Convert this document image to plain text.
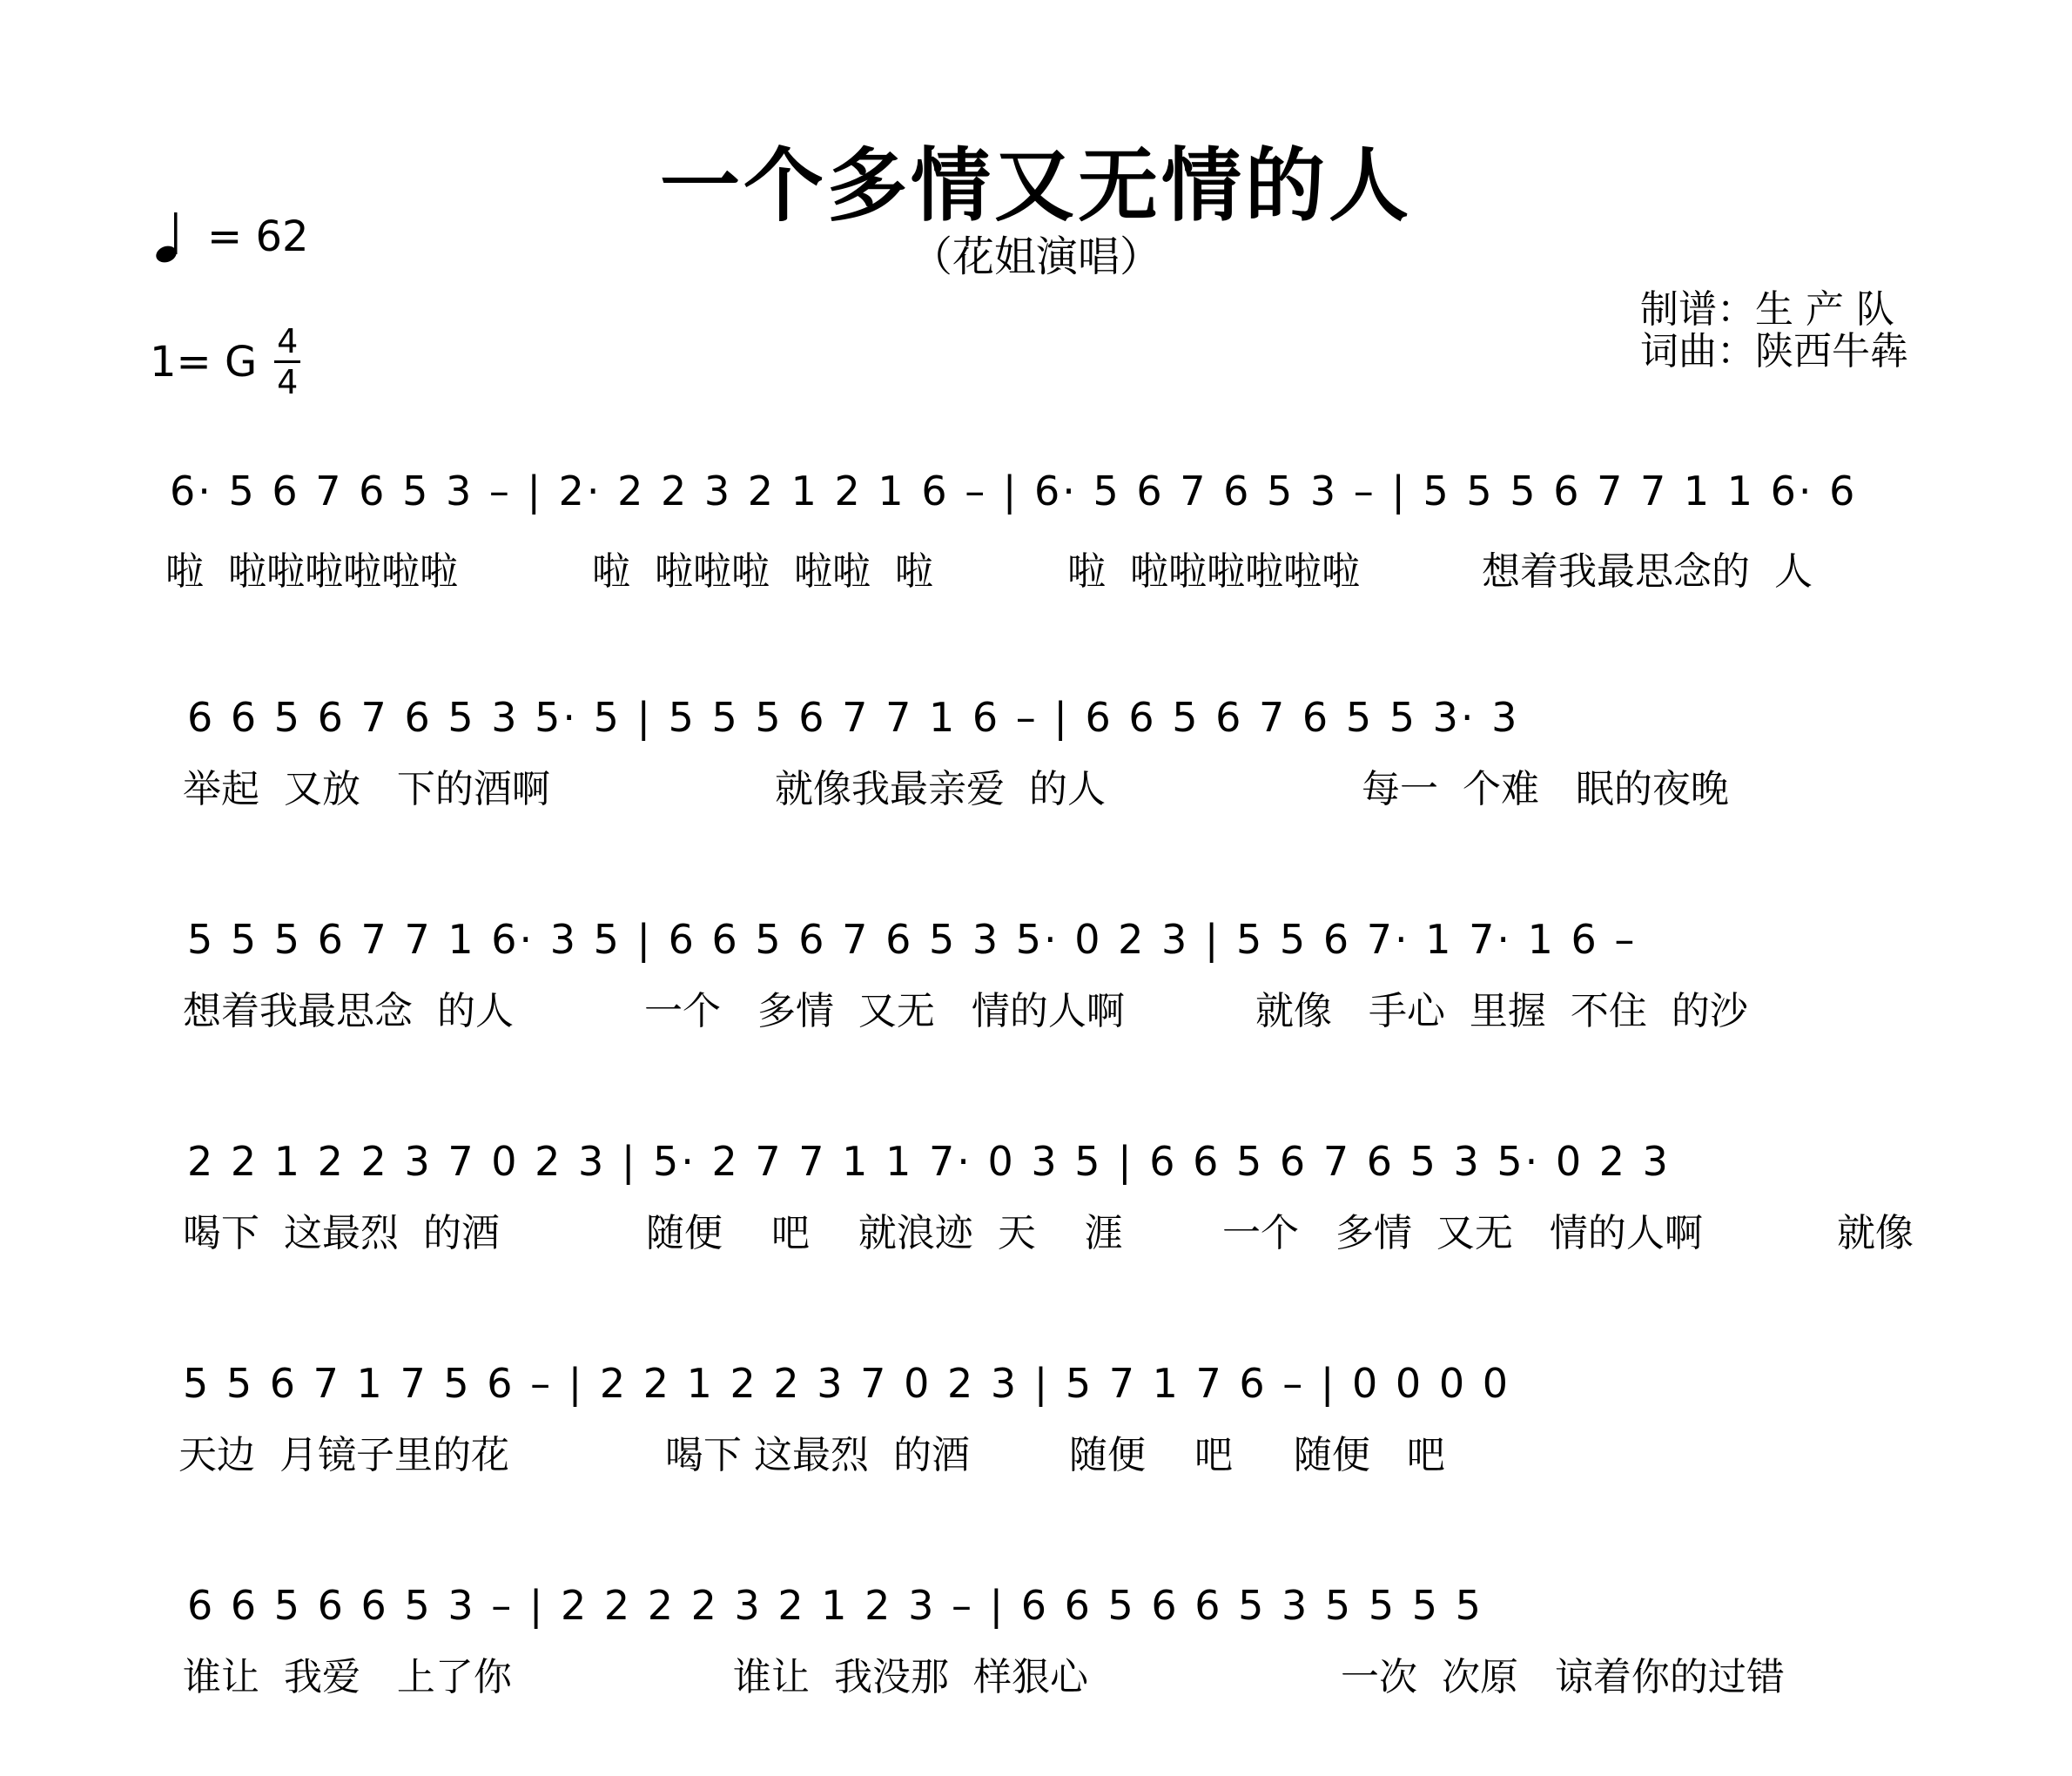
一个多情又无情的人
（花姐演唱）
= 62
1= G 4
4
制谱：生 产 队
词曲：陕西牛犇
6· 5 6 7 6 5 3 – | 2· 2 2 3 2 1 2 1 6 – | 6· 5 6 7 6 5 3 – | 5 5 5 6 7 7 1 1 6· 6
啦  啦啦啦啦啦啦	啦  啦啦啦  啦啦  啦	啦  啦啦啦啦啦啦	想着我最思念的  人
6 6 5 6 7 6 5 3 5· 5 | 5 5 5 6 7 7 1 6 – | 6 6 5 6 7 6 5 5 3· 3
举起  又放   下的酒啊	就像我最亲爱  的人	每一  个难   眠的夜晚
5 5 5 6 7 7 1 6· 3 5 | 6 6 5 6 7 6 5 3 5· 0 2 3 | 5 5 6 7· 1 7· 1 6 –
想着我最思念  的人	一个   多情  又无   情的人啊	就像   手心  里握  不住  的沙
2 2 1 2 2 3 7 0 2 3 | 5· 2 7 7 1 1 7· 0 3 5 | 6 6 5 6 7 6 5 3 5· 0 2 3
喝下  这最烈  的酒	随便    吧    就浪迹  天    涯	一个   多情  又无   情的人啊	就像
5 5 6 7 1 7 5 6 – | 2 2 1 2 2 3 7 0 2 3 | 5 7 1 7 6 – | 0 0 0 0
天边  月镜子里的花	喝下 这最烈  的酒	随便    吧     随便   吧
6 6 5 6 6 5 3 – | 2 2 2 2 3 2 1 2 3 – | 6 6 5 6 6 5 3 5 5 5 5
谁让  我爱   上了你	谁让  我没那  样狠心	一次  次原   谅着你的过错
